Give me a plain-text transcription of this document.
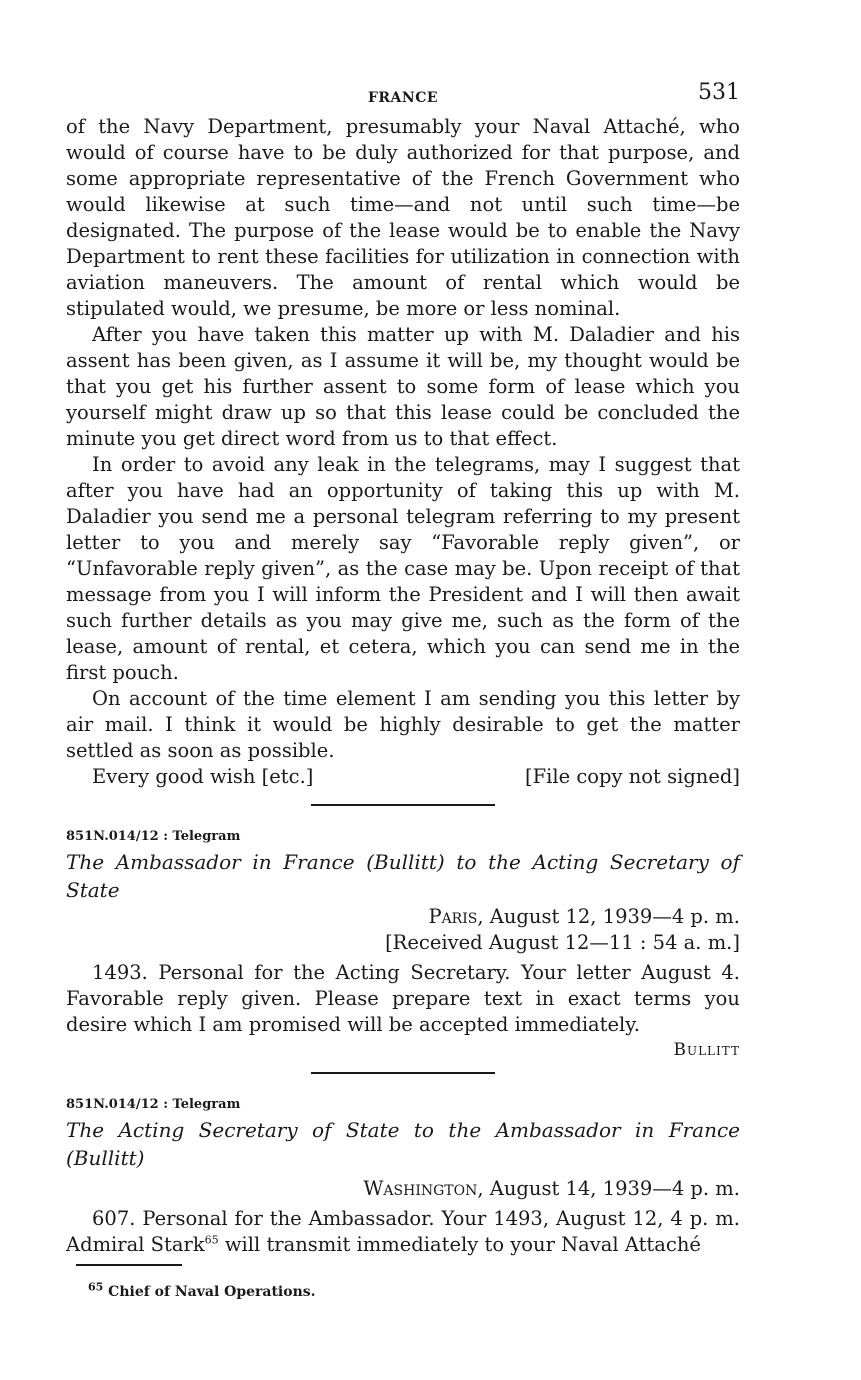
FRANCE	531

of the Navy Department, presumably your Naval Attaché, who would of course have to be duly authorized for that purpose, and some appropriate representative of the French Government who would likewise at such time—and not until such time—be designated. The purpose of the lease would be to enable the Navy Department to rent these facilities for utilization in connection with aviation maneuvers. The amount of rental which would be stipulated would, we presume, be more or less nominal.

After you have taken this matter up with M. Daladier and his assent has been given, as I assume it will be, my thought would be that you get his further assent to some form of lease which you yourself might draw up so that this lease could be concluded the minute you get direct word from us to that effect.

In order to avoid any leak in the telegrams, may I suggest that after you have had an opportunity of taking this up with M. Daladier you send me a personal telegram referring to my present letter to you and merely say “Favorable reply given”, or “Unfavorable reply given”, as the case may be. Upon receipt of that message from you I will inform the President and I will then await such further details as you may give me, such as the form of the lease, amount of rental, et cetera, which you can send me in the first pouch.

On account of the time element I am sending you this letter by air mail. I think it would be highly desirable to get the matter settled as soon as possible.

Every good wish [etc.]	[File copy not signed]
851N.014/12 : Telegram
The Ambassador in France (Bullitt) to the Acting Secretary of State
Paris, August 12, 1939—4 p. m.
[Received August 12—11 : 54 a. m.]

1493. Personal for the Acting Secretary. Your letter August 4. Favorable reply given. Please prepare text in exact terms you desire which I am promised will be accepted immediately.

Bullitt
851N.014/12 : Telegram
The Acting Secretary of State to the Ambassador in France (Bullitt)
Washington, August 14, 1939—4 p. m.

607. Personal for the Ambassador. Your 1493, August 12, 4 p. m. Admiral Stark$^{65}$ will transmit immediately to your Naval Attaché

$^{65}$ Chief of Naval Operations.
